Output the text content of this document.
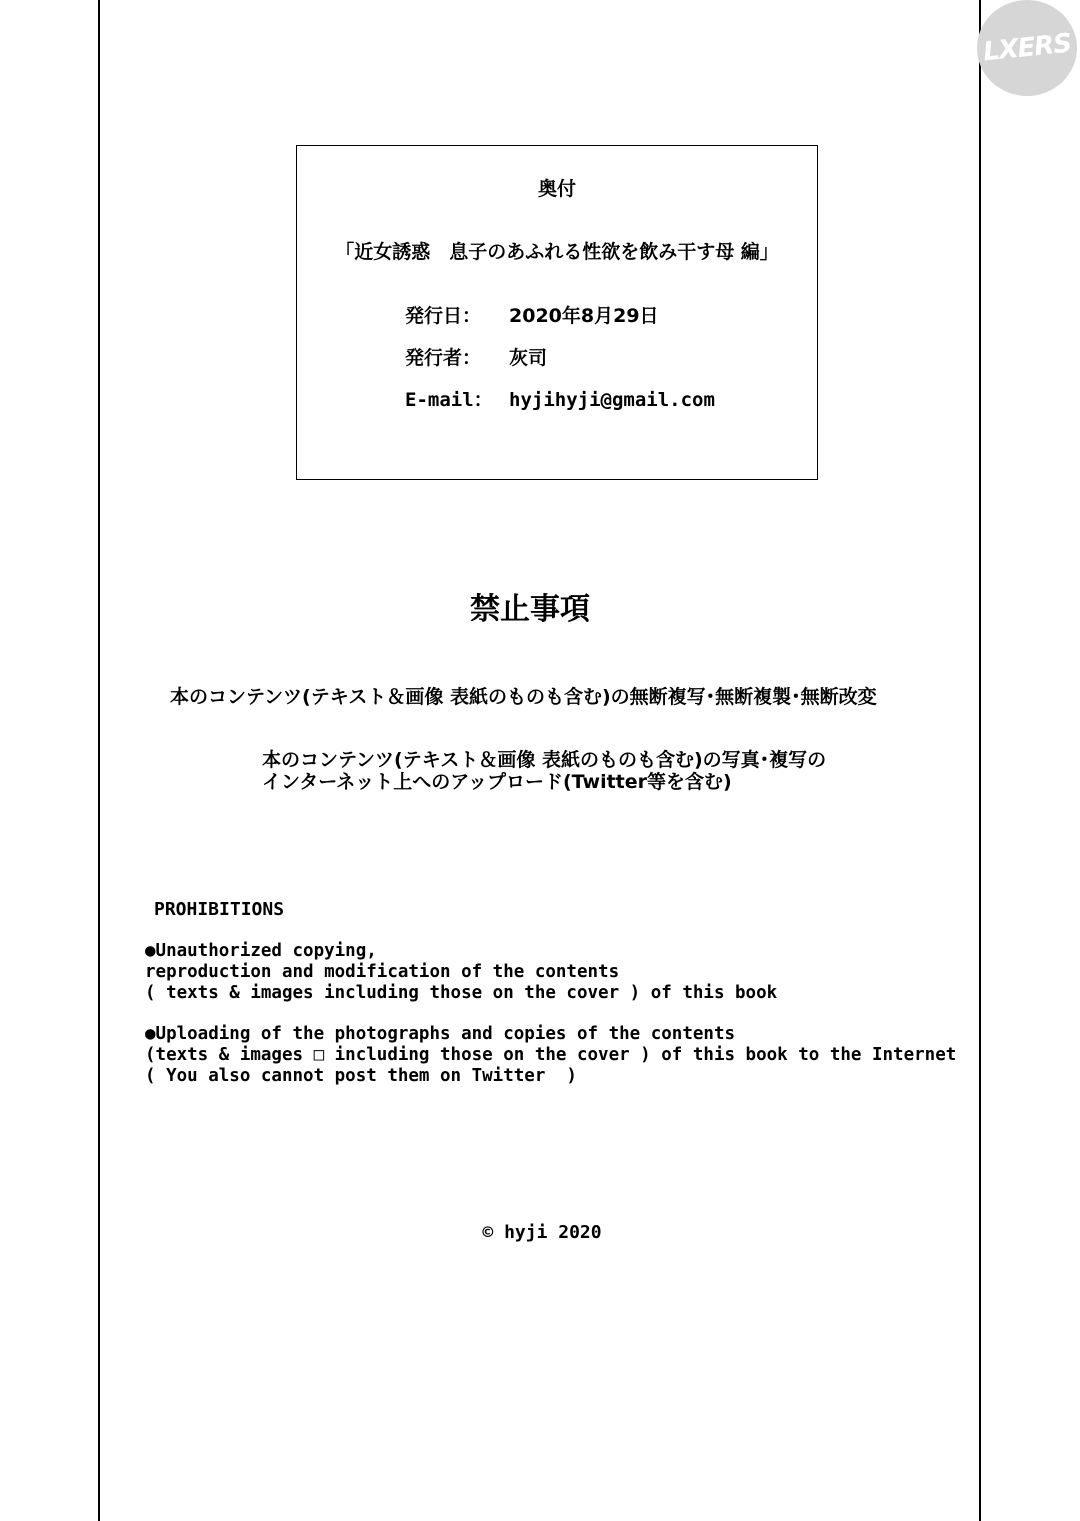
LXERS
奥付
「近女誘惑　息子のあふれる性欲を飲み干す母 編」
発行日： 2020年8月29日
発行者： 灰司
E-mail： hyjihyji@gmail.com
禁止事項
本のコンテンツ(テキスト＆画像 表紙のものも含む)の無断複写･無断複製･無断改変
本のコンテンツ(テキスト＆画像 表紙のものも含む)の写真･複写の
インターネット上へのアップロード(Twitter等を含む)
PROHIBITIONS
●Unauthorized copying,
reproduction and modification of the contents
( texts & images including those on the cover ) of this book
●Uploading of the photographs and copies of the contents
(texts & images □ including those on the cover ) of this book to the Internet
( You also cannot post them on Twitter  )
© hyji 2020
